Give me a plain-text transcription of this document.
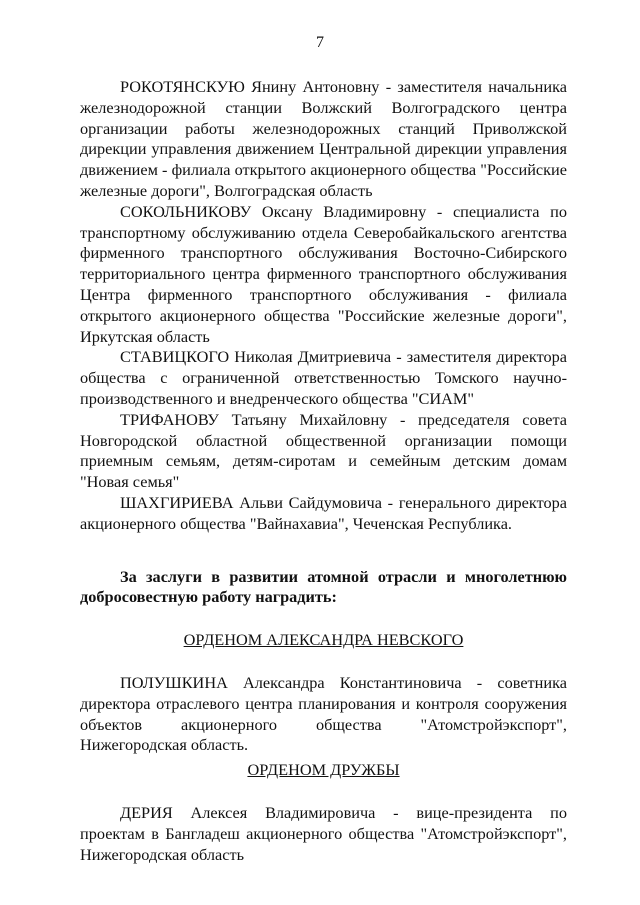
7

РОКОТЯНСКУЮ Янину Антоновну - заместителя начальника железнодорожной станции Волжский Волгоградского центра организации работы железнодорожных станций Приволжской дирекции управления движением Центральной дирекции управления движением - филиала открытого акционерного общества "Российские железные дороги", Волгоградская область

СОКОЛЬНИКОВУ Оксану Владимировну - специалиста по транспортному обслуживанию отдела Северобайкальского агентства фирменного транспортного обслуживания Восточно-Сибирского территориального центра фирменного транспортного обслуживания Центра фирменного транспортного обслуживания - филиала открытого акционерного общества "Российские железные дороги", Иркутская область

СТАВИЦКОГО Николая Дмитриевича - заместителя директора общества с ограниченной ответственностью Томского научно-производственного и внедренческого общества "СИАМ"

ТРИФАНОВУ Татьяну Михайловну - председателя совета Новгородской областной общественной организации помощи приемным семьям, детям-сиротам и семейным детским домам "Новая семья"

ШАХГИРИЕВА Альви Сайдумовича - генерального директора акционерного общества "Вайнахавиа", Чеченская Республика.

За заслуги в развитии атомной отрасли и многолетнюю добросовестную работу наградить:

ОРДЕНОМ АЛЕКСАНДРА НЕВСКОГО

ПОЛУШКИНА Александра Константиновича - советника директора отраслевого центра планирования и контроля сооружения объектов акционерного общества "Атомстройэкспорт", Нижегородская область.

ОРДЕНОМ ДРУЖБЫ

ДЕРИЯ Алексея Владимировича - вице-президента по проектам в Бангладеш акционерного общества "Атомстройэкспорт", Нижегородская область
